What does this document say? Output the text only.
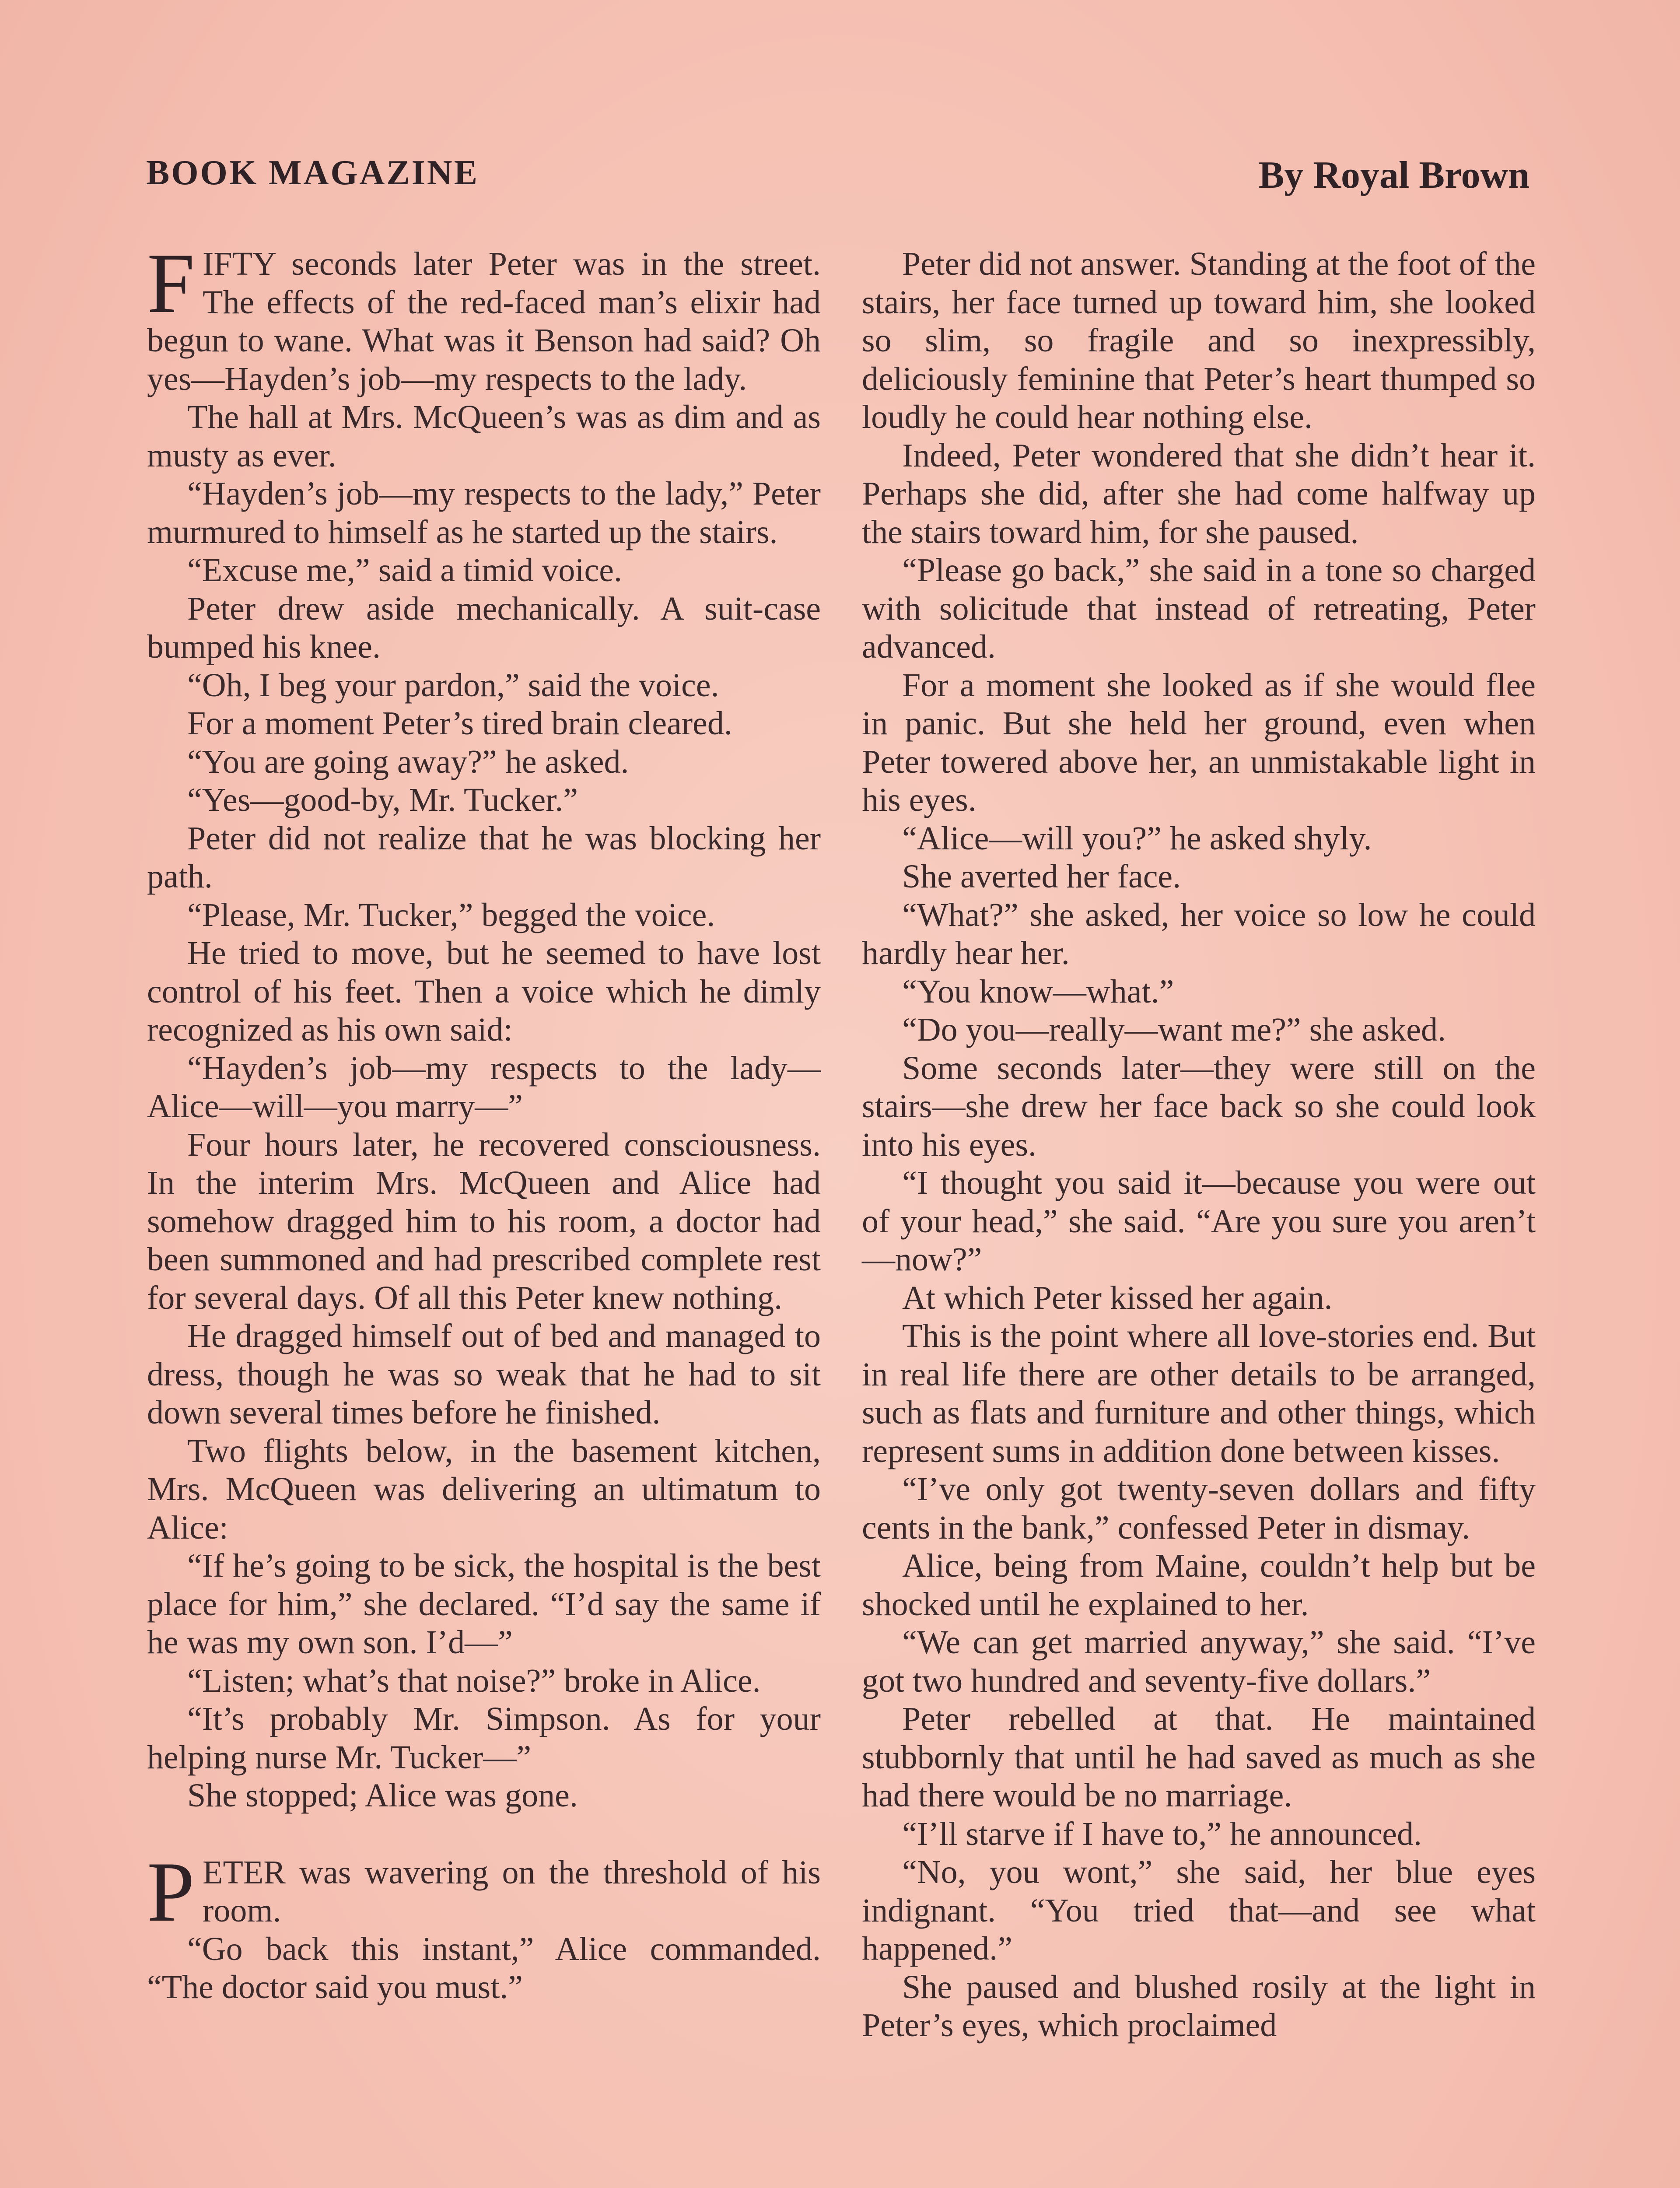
BOOK MAGAZINE	By Royal Brown

FIFTY seconds later Peter was in the street. The effects of the red-faced man’s elixir had begun to wane. What was it Benson had said? Oh yes—Hayden’s job—my respects to the lady.

The hall at Mrs. McQueen’s was as dim and as musty as ever.

“Hayden’s job—my respects to the lady,” Peter murmured to himself as he started up the stairs.

“Excuse me,” said a timid voice.

Peter drew aside mechanically. A suit-case bumped his knee.

“Oh, I beg your pardon,” said the voice.

For a moment Peter’s tired brain cleared.

“You are going away?” he asked.

“Yes—good-by, Mr. Tucker.”

Peter did not realize that he was blocking her path.

“Please, Mr. Tucker,” begged the voice.

He tried to move, but he seemed to have lost control of his feet. Then a voice which he dimly recognized as his own said:

“Hayden’s job—my respects to the lady—Alice—will—you marry—”

Four hours later, he recovered consciousness. In the interim Mrs. McQueen and Alice had somehow dragged him to his room, a doctor had been summoned and had prescribed complete rest for several days. Of all this Peter knew nothing.

He dragged himself out of bed and managed to dress, though he was so weak that he had to sit down several times before he finished.

Two flights below, in the basement kitchen, Mrs. McQueen was delivering an ultimatum to Alice:

“If he’s going to be sick, the hospital is the best place for him,” she declared. “I’d say the same if he was my own son. I’d—”

“Listen; what’s that noise?” broke in Alice.

“It’s probably Mr. Simpson. As for your helping nurse Mr. Tucker—”

She stopped; Alice was gone.

PETER was wavering on the threshold of his room.

“Go back this instant,” Alice commanded. “The doctor said you must.”

Peter did not answer. Standing at the foot of the stairs, her face turned up toward him, she looked so slim, so fragile and so inexpressibly, deliciously feminine that Peter’s heart thumped so loudly he could hear nothing else.

Indeed, Peter wondered that she didn’t hear it. Perhaps she did, after she had come halfway up the stairs toward him, for she paused.

“Please go back,” she said in a tone so charged with solicitude that instead of retreating, Peter advanced.

For a moment she looked as if she would flee in panic. But she held her ground, even when Peter towered above her, an unmistakable light in his eyes.

“Alice—will you?” he asked shyly.

She averted her face.

“What?” she asked, her voice so low he could hardly hear her.

“You know—what.”

“Do you—really—want me?” she asked.

Some seconds later—they were still on the stairs—she drew her face back so she could look into his eyes.

“I thought you said it—because you were out of your head,” she said. “Are you sure you aren’t—now?”

At which Peter kissed her again.

This is the point where all love-stories end. But in real life there are other details to be arranged, such as flats and furniture and other things, which represent sums in addition done between kisses.

“I’ve only got twenty-seven dollars and fifty cents in the bank,” confessed Peter in dismay.

Alice, being from Maine, couldn’t help but be shocked until he explained to her.

“We can get married anyway,” she said. “I’ve got two hundred and seventy-five dollars.”

Peter rebelled at that. He maintained stubbornly that until he had saved as much as she had there would be no marriage.

“I’ll starve if I have to,” he announced.

“No, you wont,” she said, her blue eyes indignant. “You tried that—and see what happened.”

She paused and blushed rosily at the light in Peter’s eyes, which proclaimed
